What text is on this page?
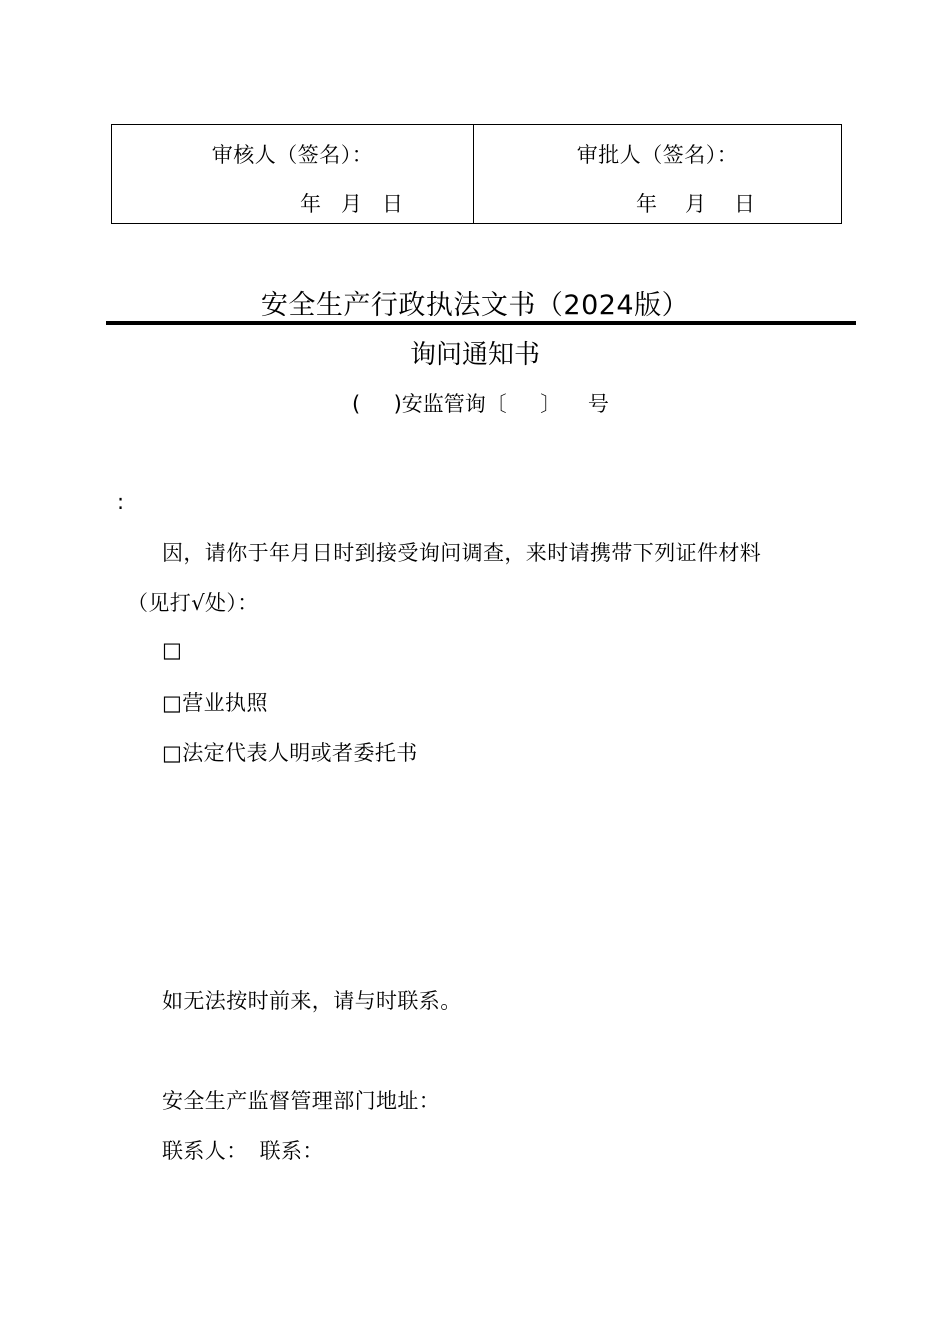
审核人（签名）：
年 月 日
审批人（签名）：
年 月 日
安全生产行政执法文书（2024版）
询问通知书
(     )安监管询〔     〕    号
:
因，请你于年月日时到接受询问调查，来时请携带下列证件材料
（见打√处）：
□
□营业执照
□法定代表人明或者委托书
如无法按时前来，请与时联系。
安全生产监督管理部门地址：
联系人： 联系：
